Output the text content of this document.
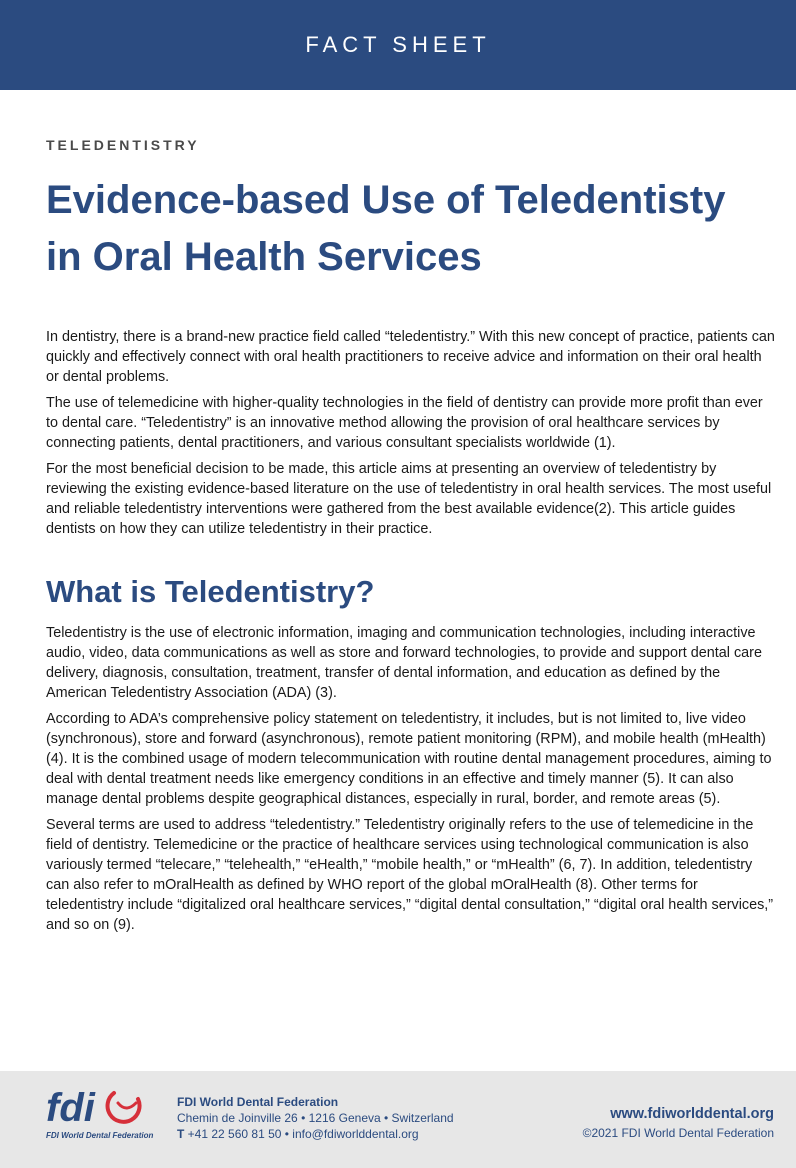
FACT SHEET
TELEDENTISTRY
Evidence-based Use of Teledentisty
in Oral Health Services

In dentistry, there is a brand-new practice field called “teledentistry.” With this new concept of practice, patients can quickly and effectively connect with oral health practitioners to receive advice and information on their oral health or dental problems.

The use of telemedicine with higher-quality technologies in the field of dentistry can provide more profit than ever to dental care. “Teledentistry” is an innovative method allowing the provision of oral healthcare services by connecting patients, dental practitioners, and various consultant specialists worldwide (1).

For the most beneficial decision to be made, this article aims at presenting an overview of teledentistry by reviewing the existing evidence-based literature on the use of teledentistry in oral health services. The most useful and reliable teledentistry interventions were gathered from the best available evidence(2). This article guides dentists on how they can utilize teledentistry in their practice.

What is Teledentistry?

Teledentistry is the use of electronic information, imaging and communication technologies, including interactive audio, video, data communications as well as store and forward technologies, to provide and support dental care delivery, diagnosis, consultation, treatment, transfer of dental information, and education as defined by the American Teledentistry Association (ADA) (3).

According to ADA’s comprehensive policy statement on teledentistry, it includes, but is not limited to, live video (synchronous), store and forward (asynchronous), remote patient monitoring (RPM), and mobile health (mHealth) (4). It is the combined usage of modern telecommunication with routine dental management procedures, aiming to deal with dental treatment needs like emergency conditions in an effective and timely manner (5). It can also manage dental problems despite geographical distances, especially in rural, border, and remote areas (5).

Several terms are used to address “teledentistry.” Teledentistry originally refers to the use of telemedicine in the field of dentistry. Telemedicine or the practice of healthcare services using technological communication is also variously termed “telecare,” “telehealth,” “eHealth,” “mobile health,” or “mHealth” (6, 7). In addition, teledentistry can also refer to mOralHealth as defined by WHO report of the global mOralHealth (8). Other terms for teledentistry include “digitalized oral healthcare services,” “digital dental consultation,” “digital oral health services,” and so on (9).

fdi
FDI World Dental Federation
FDI World Dental Federation
Chemin de Joinville 26 • 1216 Geneva • Switzerland
T +41 22 560 81 50 • info@fdiworlddental.org
www.fdiworlddental.org
©2021 FDI World Dental Federation
